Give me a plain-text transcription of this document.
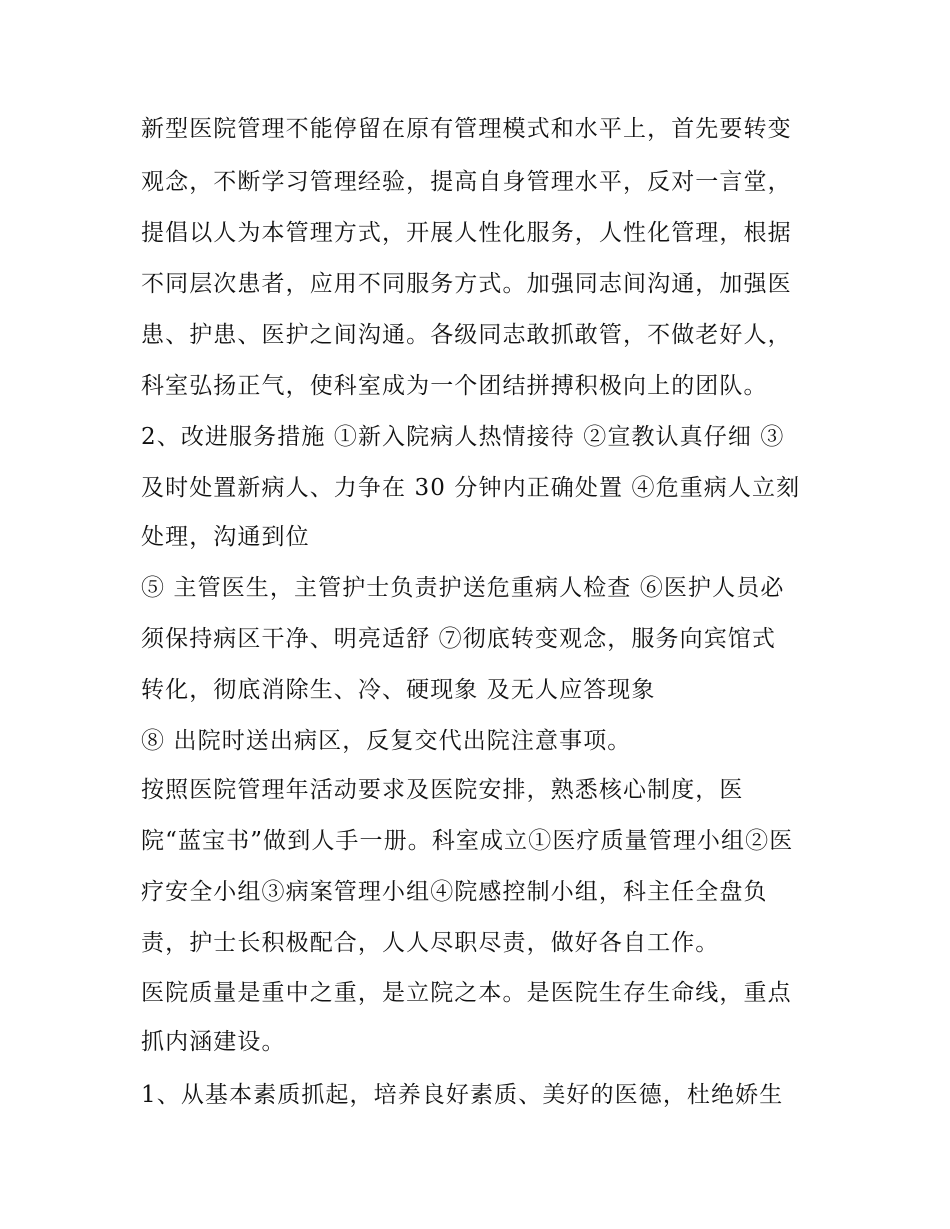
新型医院管理不能停留在原有管理模式和水平上，首先要转变
观念，不断学习管理经验，提高自身管理水平，反对一言堂，
提倡以人为本管理方式，开展人性化服务，人性化管理，根据
不同层次患者，应用不同服务方式。加强同志间沟通，加强医
患、护患、医护之间沟通。各级同志敢抓敢管，不做老好人，
科室弘扬正气，使科室成为一个团结拼搏积极向上的团队。
2、改进服务措施 ①新入院病人热情接待 ②宣教认真仔细 ③
及时处置新病人、力争在 30 分钟内正确处置 ④危重病人立刻
处理，沟通到位
⑤ 主管医生，主管护士负责护送危重病人检查 ⑥医护人员必
须保持病区干净、明亮适舒 ⑦彻底转变观念，服务向宾馆式
转化，彻底消除生、冷、硬现象 及无人应答现象
⑧ 出院时送出病区，反复交代出院注意事项。
按照医院管理年活动要求及医院安排，熟悉核心制度，医
院“蓝宝书”做到人手一册。科室成立①医疗质量管理小组②医
疗安全小组③病案管理小组④院感控制小组，科主任全盘负
责，护士长积极配合，人人尽职尽责，做好各自工作。
医院质量是重中之重，是立院之本。是医院生存生命线，重点
抓内涵建设。
1、从基本素质抓起，培养良好素质、美好的医德，杜绝娇生
